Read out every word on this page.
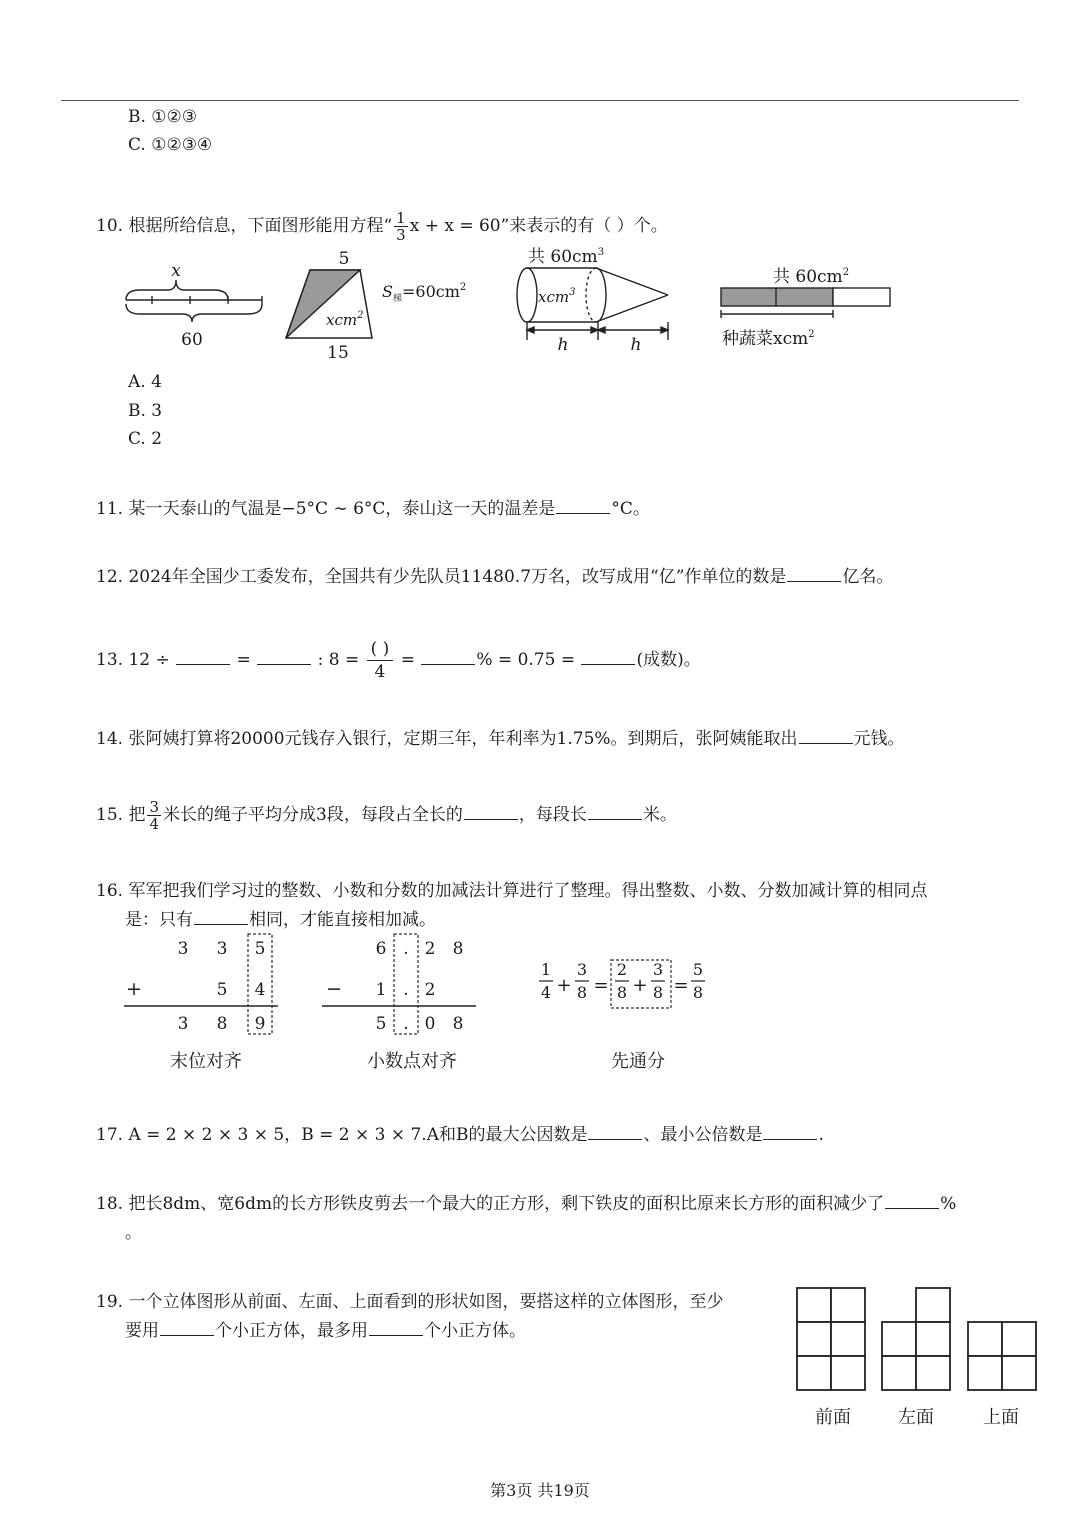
B. ①②③
C. ①②③④
10. 根据所给信息，下面图形能用方程“ $\frac{1}{3}$ x + x = 60”来表示的有（ ）个。
x
60
5
15
xcm$^2$
$S_梯=60cm^2$
共 $60cm^3$
xcm$^3$
h	h
共 $60cm^2$
种蔬菜xcm$^2$
A. 4
B. 3
C. 2
11. 某一天泰山的气温是−5°C ∼ 6°C，泰山这一天的温差是	°C。
12. 2024年全国少工委发布，全国共有少先队员11480.7万名，改写成用“亿”作单位的数是	亿名。
13. 12 ÷	=	: $8 = \frac{( )}{4}$ =	% = 0.75 =	(成数)。
14. 张阿姨打算将20000元钱存入银行，定期三年，年利率为1.75%。到期后，张阿姨能取出	元钱。
15. 把 $\frac{3}{4}$ 米长的绳子平均分成3段，每段占全长的	，每段长	米。
16. 军军把我们学习过的整数、小数和分数的加减法计算进行了整理。得出整数、小数、分数加减计算的相同点
是：只有	相同，才能直接相加减。
3 3 5
+	5 4
3 8 9
末位对齐
6 . 2 8
− 1 . 2
5 . 0 8
小数点对齐
1
4 +
3
8 =
2
8 +
3
8 =
5
8
先通分
17. A = 2 × 2 × 3 × 5，B = 2 × 3 × 7.A和B的最大公因数是	、最小公倍数是	.
18. 把长8dm、宽6dm的长方形铁皮剪去一个最大的正方形，剩下铁皮的面积比原来长方形的面积减少了	%
。
19. 一个立体图形从前面、左面、上面看到的形状如图，要搭这样的立体图形，至少
要用	个小正方体，最多用	个小正方体。
前面	左面	上面
第3页 共19页
